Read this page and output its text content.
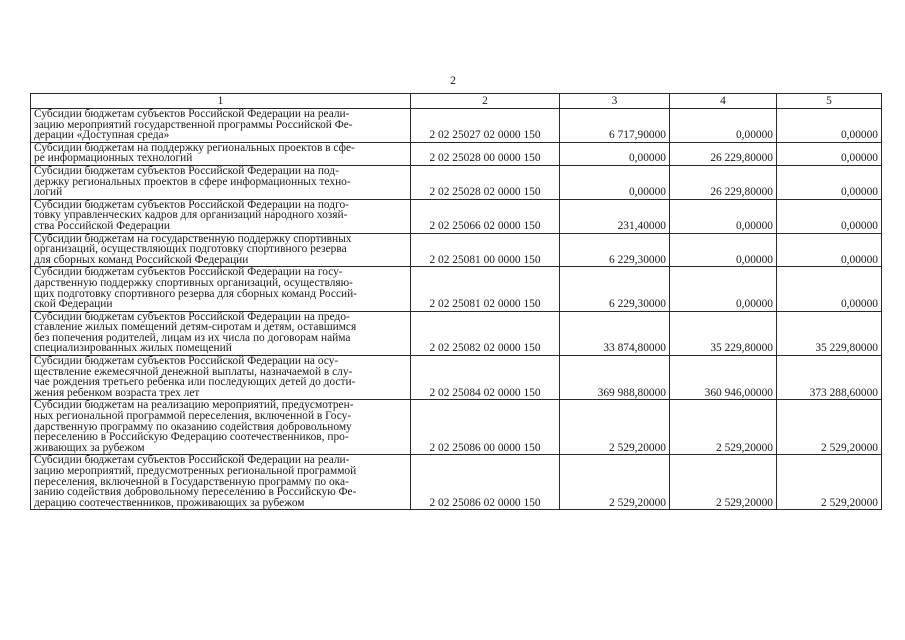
2
1	2	3	4	5
Субсидии бюджетам субъектов Российской Федерации на реали-
зацию мероприятий государственной программы Российской Фе-
дерации «Доступная среда»	2 02 25027 02 0000 150	6 717,90000	0,00000	0,00000
Субсидии бюджетам на поддержку региональных проектов в сфе-
ре информационных технологий	2 02 25028 00 0000 150	0,00000	26 229,80000	0,00000
Субсидии бюджетам субъектов Российской Федерации на под-
держку региональных проектов в сфере информационных техно-
логий	2 02 25028 02 0000 150	0,00000	26 229,80000	0,00000
Субсидии бюджетам субъектов Российской Федерации на подго-
товку управленческих кадров для организаций народного хозяй-
ства Российской Федерации	2 02 25066 02 0000 150	231,40000	0,00000	0,00000
Субсидии бюджетам на государственную поддержку спортивных
организаций, осуществляющих подготовку спортивного резерва
для сборных команд Российской Федерации	2 02 25081 00 0000 150	6 229,30000	0,00000	0,00000
Субсидии бюджетам субъектов Российской Федерации на госу-
дарственную поддержку спортивных организаций, осуществляю-
щих подготовку спортивного резерва для сборных команд Россий-
ской Федерации	2 02 25081 02 0000 150	6 229,30000	0,00000	0,00000
Субсидии бюджетам субъектов Российской Федерации на предо-
ставление жилых помещений детям-сиротам и детям, оставшимся
без попечения родителей, лицам из их числа по договорам найма
специализированных жилых помещений	2 02 25082 02 0000 150	33 874,80000	35 229,80000	35 229,80000
Субсидии бюджетам субъектов Российской Федерации на осу-
ществление ежемесячной денежной выплаты, назначаемой в слу-
чае рождения третьего ребенка или последующих детей до дости-
жения ребенком возраста трех лет	2 02 25084 02 0000 150	369 988,80000	360 946,00000	373 288,60000
Субсидии бюджетам на реализацию мероприятий, предусмотрен-
ных региональной программой переселения, включенной в Госу-
дарственную программу по оказанию содействия добровольному
переселению в Российскую Федерацию соотечественников, про-
живающих за рубежом	2 02 25086 00 0000 150	2 529,20000	2 529,20000	2 529,20000
Субсидии бюджетам субъектов Российской Федерации на реали-
зацию мероприятий, предусмотренных региональной программой
переселения, включенной в Государственную программу по ока-
занию содействия добровольному переселению в Российскую Фе-
дерацию соотечественников, проживающих за рубежом	2 02 25086 02 0000 150	2 529,20000	2 529,20000	2 529,20000
